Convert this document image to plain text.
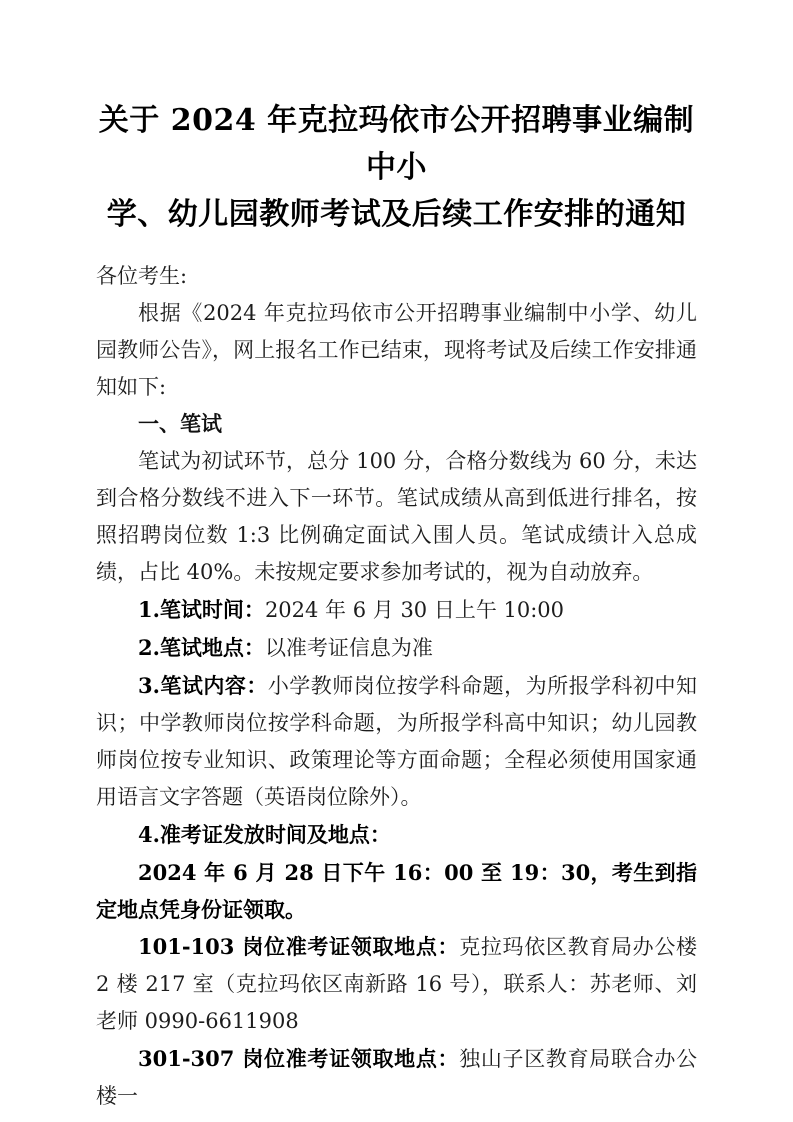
关于 2024 年克拉玛依市公开招聘事业编制中小
学、幼儿园教师考试及后续工作安排的通知

各位考生:

根据《2024 年克拉玛依市公开招聘事业编制中小学、幼儿园教师公告》，网上报名工作已结束，现将考试及后续工作安排通知如下:

一、笔试

笔试为初试环节，总分 100 分，合格分数线为 60 分，未达到合格分数线不进入下一环节。笔试成绩从高到低进行排名，按照招聘岗位数 1:3 比例确定面试入围人员。笔试成绩计入总成绩，占比 40%。未按规定要求参加考试的，视为自动放弃。

1.笔试时间：2024 年 6 月 30 日上午 10:00

2.笔试地点：以准考证信息为准

3.笔试内容：小学教师岗位按学科命题，为所报学科初中知识；中学教师岗位按学科命题，为所报学科高中知识；幼儿园教师岗位按专业知识、政策理论等方面命题；全程必须使用国家通用语言文字答题（英语岗位除外）。

4.准考证发放时间及地点：

2024 年 6 月 28 日下午 16：00 至 19：30，考生到指定地点凭身份证领取。

101-103 岗位准考证领取地点：克拉玛依区教育局办公楼 2 楼 217 室（克拉玛依区南新路 16 号），联系人：苏老师、刘老师 0990-6611908

301-307 岗位准考证领取地点：独山子区教育局联合办公楼一
